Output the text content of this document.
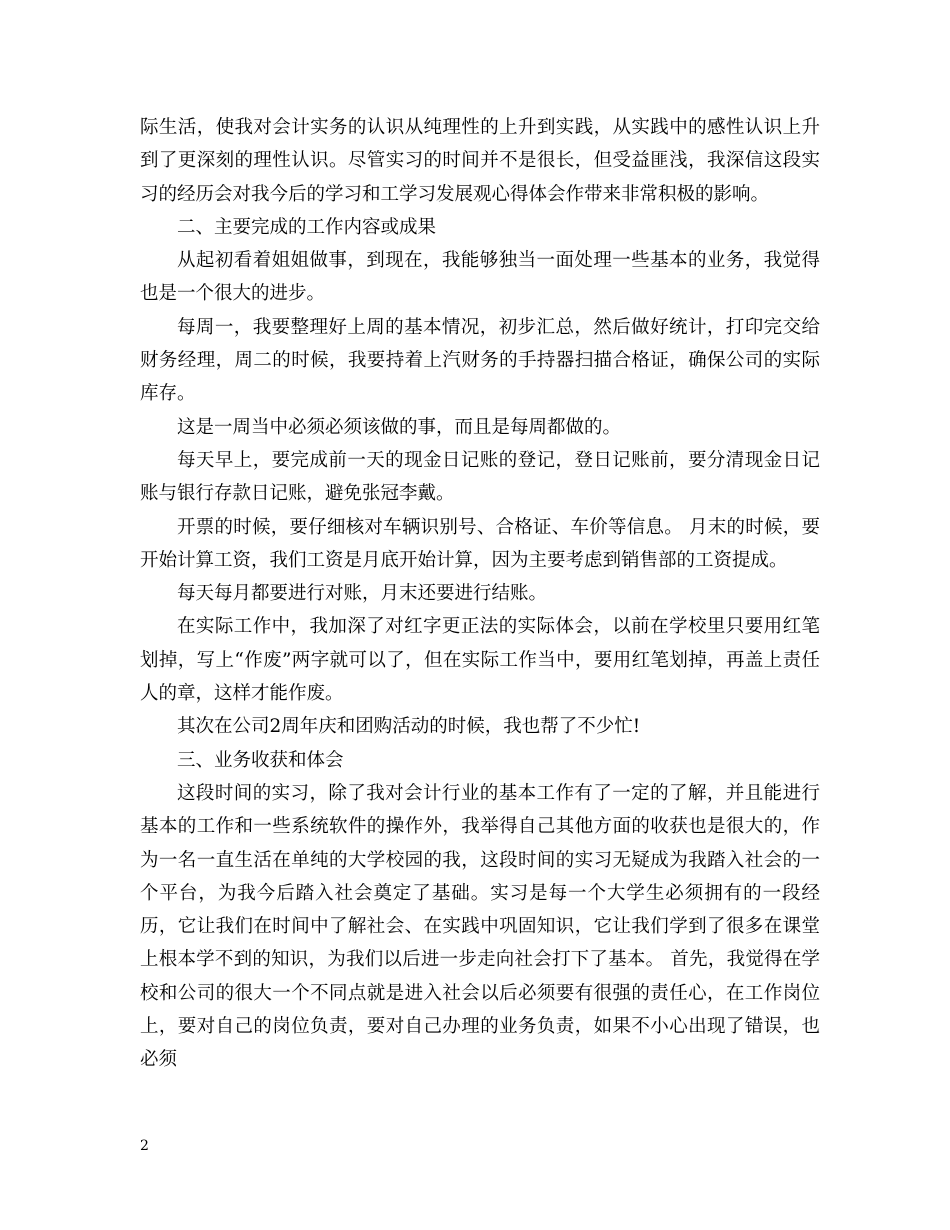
际生活，使我对会计实务的认识从纯理性的上升到实践，从实践中的感性认识上升到了更深刻的理性认识。尽管实习的时间并不是很长，但受益匪浅，我深信这段实习的经历会对我今后的学习和工学习发展观心得体会作带来非常积极的影响。

二、主要完成的工作内容或成果

从起初看着姐姐做事，到现在，我能够独当一面处理一些基本的业务，我觉得也是一个很大的进步。

每周一，我要整理好上周的基本情况，初步汇总，然后做好统计，打印完交给财务经理，周二的时候，我要持着上汽财务的手持器扫描合格证，确保公司的实际库存。

这是一周当中必须必须该做的事，而且是每周都做的。

每天早上，要完成前一天的现金日记账的登记，登日记账前，要分清现金日记账与银行存款日记账，避免张冠李戴。

开票的时候，要仔细核对车辆识别号、合格证、车价等信息。 月末的时候，要开始计算工资，我们工资是月底开始计算，因为主要考虑到销售部的工资提成。

每天每月都要进行对账，月末还要进行结账。

在实际工作中，我加深了对红字更正法的实际体会，以前在学校里只要用红笔划掉，写上“作废”两字就可以了，但在实际工作当中，要用红笔划掉，再盖上责任人的章，这样才能作废。

其次在公司2周年庆和团购活动的时候，我也帮了不少忙!

三、业务收获和体会

这段时间的实习，除了我对会计行业的基本工作有了一定的了解，并且能进行基本的工作和一些系统软件的操作外，我举得自己其他方面的收获也是很大的，作为一名一直生活在单纯的大学校园的我，这段时间的实习无疑成为我踏入社会的一个平台，为我今后踏入社会奠定了基础。实习是每一个大学生必须拥有的一段经历，它让我们在时间中了解社会、在实践中巩固知识，它让我们学到了很多在课堂上根本学不到的知识，为我们以后进一步走向社会打下了基本。 首先，我觉得在学校和公司的很大一个不同点就是进入社会以后必须要有很强的责任心，在工作岗位上，要对自己的岗位负责，要对自己办理的业务负责，如果不小心出现了错误，也必须

2
